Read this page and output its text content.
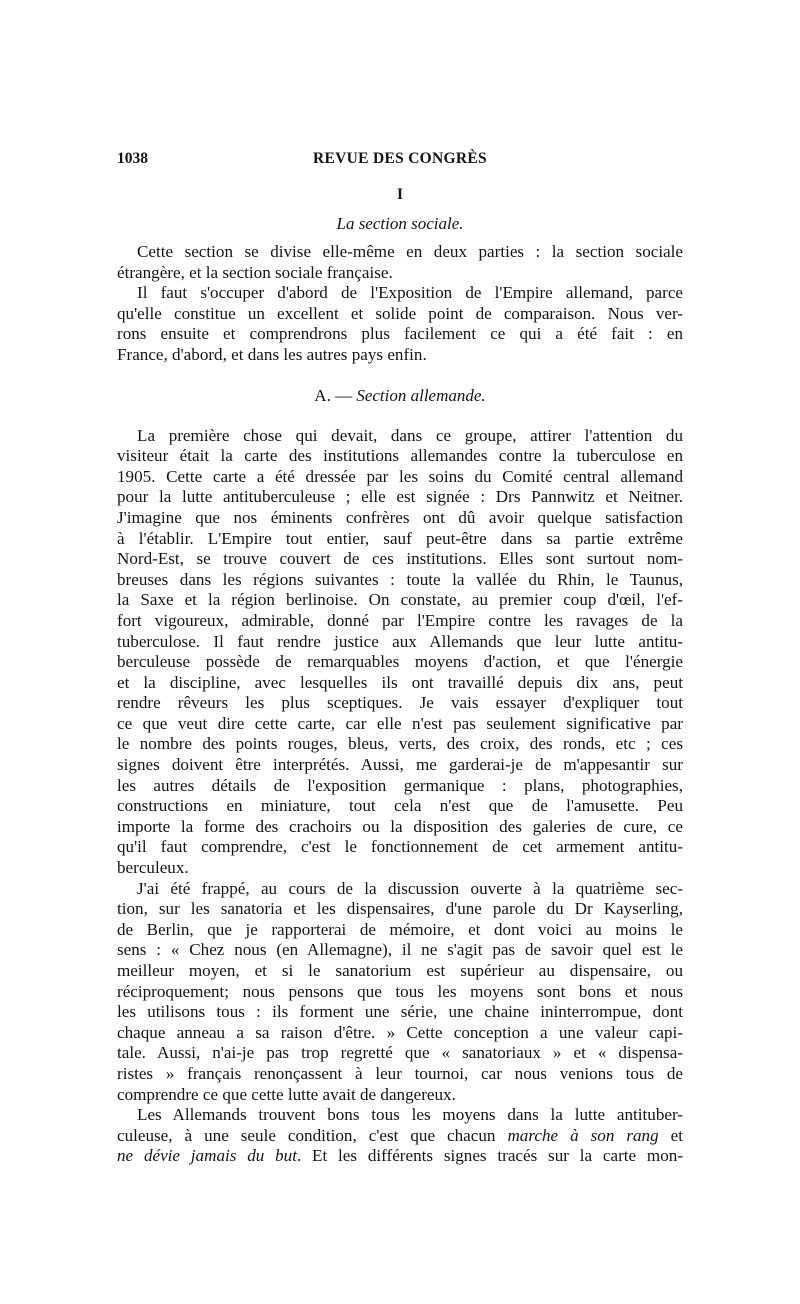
1038	REVUE DES CONGRÈS
I
La section sociale.
Cette section se divise elle-même en deux parties : la section sociale
étrangère, et la section sociale française.
Il faut s'occuper d'abord de l'Exposition de l'Empire allemand, parce
qu'elle constitue un excellent et solide point de comparaison. Nous ver-
rons ensuite et comprendrons plus facilement ce qui a été fait : en
France, d'abord, et dans les autres pays enfin.
A. — Section allemande.
La première chose qui devait, dans ce groupe, attirer l'attention du
visiteur était la carte des institutions allemandes contre la tuberculose en
1905. Cette carte a été dressée par les soins du Comité central allemand
pour la lutte antituberculeuse ; elle est signée : Drs Pannwitz et Neitner.
J'imagine que nos éminents confrères ont dû avoir quelque satisfaction
à l'établir. L'Empire tout entier, sauf peut-être dans sa partie extrême
Nord-Est, se trouve couvert de ces institutions. Elles sont surtout nom-
breuses dans les régions suivantes : toute la vallée du Rhin, le Taunus,
la Saxe et la région berlinoise. On constate, au premier coup d'œil, l'ef-
fort vigoureux, admirable, donné par l'Empire contre les ravages de la
tuberculose. Il faut rendre justice aux Allemands que leur lutte antitu-
berculeuse possède de remarquables moyens d'action, et que l'énergie
et la discipline, avec lesquelles ils ont travaillé depuis dix ans, peut
rendre rêveurs les plus sceptiques. Je vais essayer d'expliquer tout
ce que veut dire cette carte, car elle n'est pas seulement significative par
le nombre des points rouges, bleus, verts, des croix, des ronds, etc ; ces
signes doivent être interprétés. Aussi, me garderai-je de m'appesantir sur
les autres détails de l'exposition germanique : plans, photographies,
constructions en miniature, tout cela n'est que de l'amusette. Peu
importe la forme des crachoirs ou la disposition des galeries de cure, ce
qu'il faut comprendre, c'est le fonctionnement de cet armement antitu-
berculeux.
J'ai été frappé, au cours de la discussion ouverte à la quatrième sec-
tion, sur les sanatoria et les dispensaires, d'une parole du Dr Kayserling,
de Berlin, que je rapporterai de mémoire, et dont voici au moins le
sens : « Chez nous (en Allemagne), il ne s'agit pas de savoir quel est le
meilleur moyen, et si le sanatorium est supérieur au dispensaire, ou
réciproquement; nous pensons que tous les moyens sont bons et nous
les utilisons tous : ils forment une série, une chaine ininterrompue, dont
chaque anneau a sa raison d'être. » Cette conception a une valeur capi-
tale. Aussi, n'ai-je pas trop regretté que « sanatoriaux » et « dispensa-
ristes » français renonçassent à leur tournoi, car nous venions tous de
comprendre ce que cette lutte avait de dangereux.
Les Allemands trouvent bons tous les moyens dans la lutte antituber-
culeuse, à une seule condition, c'est que chacun marche à son rang et
ne dévie jamais du but. Et les différents signes tracés sur la carte mon-
